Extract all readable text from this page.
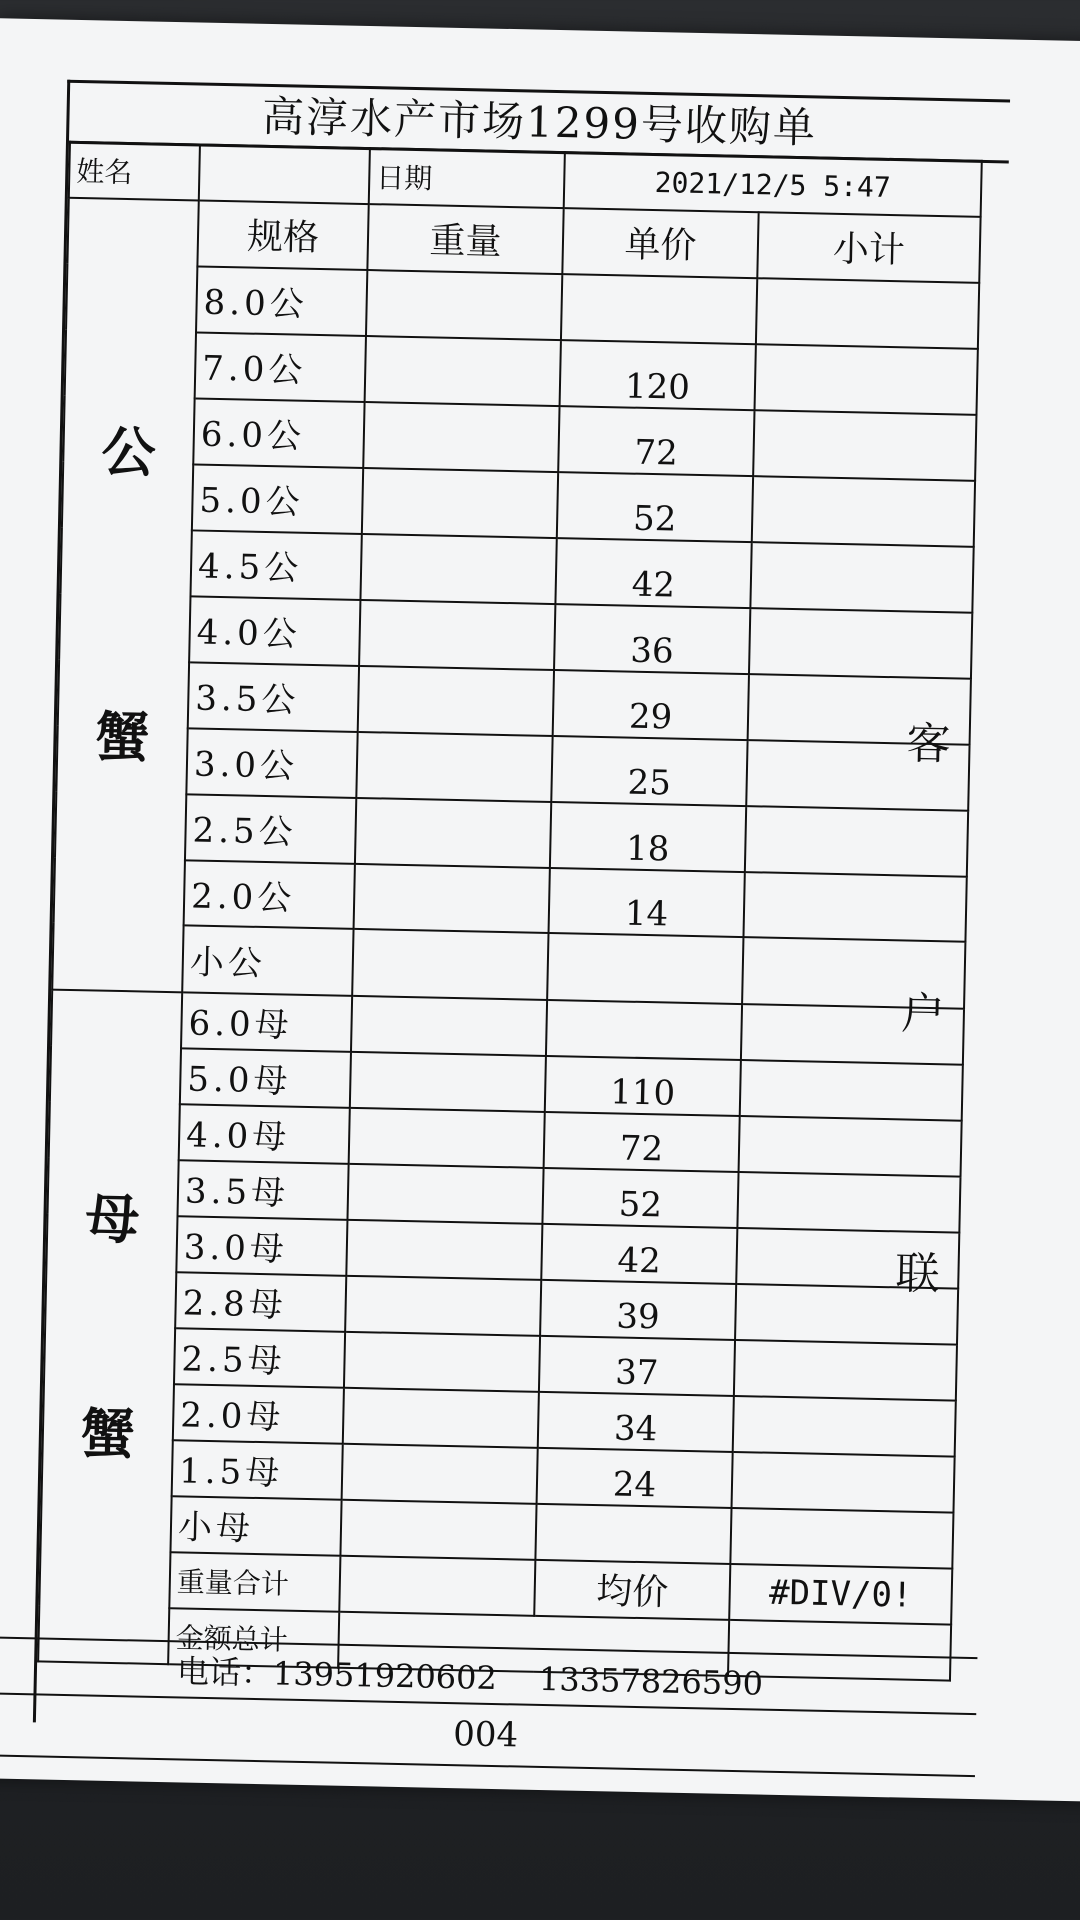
高淳水产市场1299号收购单
姓名		日期	2021/12/5 5:47	

公
蟹	规格	重量	单价	小计
	8.0公			
	7.0公		120	
	6.0公		72	
	5.0公		52	
	4.5公		42	
	4.0公		36	
	3.5公		29	
	3.0公		25	
	2.5公		18	
	2.0公		14	
	小公			

母
蟹	6.0母			
	5.0母		110	
	4.0母		72	
	3.5母		52	
	3.0母		42	
	2.8母		39	
	2.5母		37	
	2.0母		34	
	1.5母		24	
	小母			
	重量合计		均价	#DIV/0!
	金额总计			
电话：13951920602　 13357826590
004
客
户
联
